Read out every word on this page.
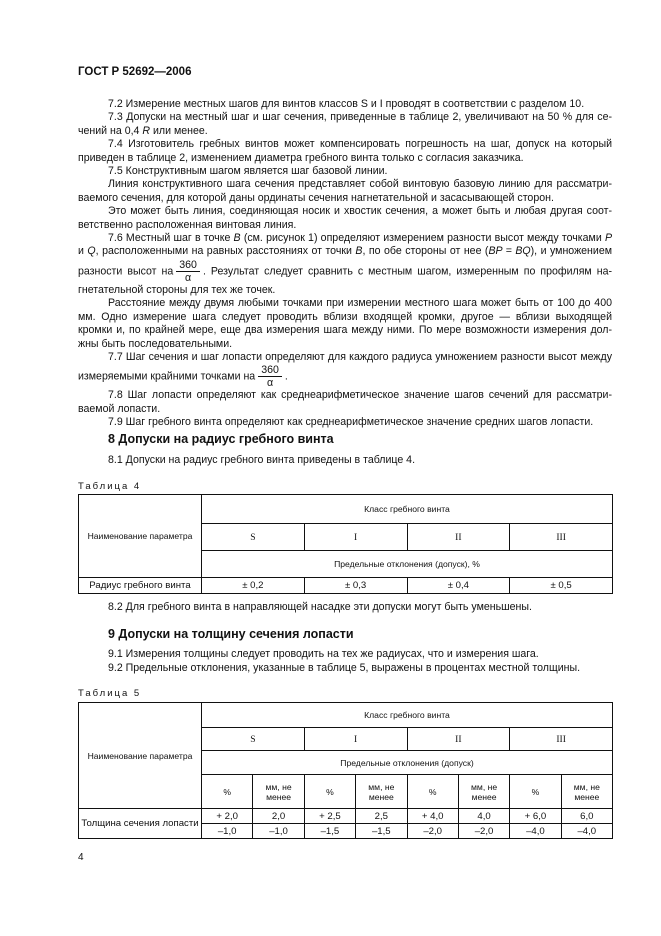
ГОСТ Р 52692—2006

7.2 Измерение местных шагов для винтов классов S и I проводят в соответствии с разделом 10.

7.3 Допуски на местный шаг и шаг сечения, приведенные в таблице 2, увеличивают на 50 % для сечений на 0,4 R или менее.

7.4 Изготовитель гребных винтов может компенсировать погрешность на шаг, допуск на который приведен в таблице 2, изменением диаметра гребного винта только с согласия заказчика.

7.5 Конструктивным шагом является шаг базовой линии.

Линия конструктивного шага сечения представляет собой винтовую базовую линию для рассматриваемого сечения, для которой даны ординаты сечения нагнетательной и засасывающей сторон.

Это может быть линия, соединяющая носик и хвостик сечения, а может быть и любая другая соответственно расположенная винтовая линия.

7.6 Местный шаг в точке B (см. рисунок 1) определяют измерением разности высот между точками P и Q, расположенными на равных расстояниях от точки B, по обе стороны от нее (BP = BQ), и умножением разности высот на $\frac{360}{\alpha}$ . Результат следует сравнить с местным шагом, измеренным по профилям нагнетательной стороны для тех же точек.

Расстояние между двумя любыми точками при измерении местного шага может быть от 100 до 400 мм. Одно измерение шага следует проводить вблизи входящей кромки, другое — вблизи выходящей кромки и, по крайней мере, еще два измерения шага между ними. По мере возможности измерения должны быть последовательными.

7.7 Шаг сечения и шаг лопасти определяют для каждого радиуса умножением разности высот между измеряемыми крайними точками на $\frac{360}{\alpha}$ .

7.8 Шаг лопасти определяют как среднеарифметическое значение шагов сечений для рассматриваемой лопасти.

7.9 Шаг гребного винта определяют как среднеарифметическое значение средних шагов лопасти.

8 Допуски на радиус гребного винта
8.1 Допуски на радиус гребного винта приведены в таблице 4.
Таблица 4
Наименование параметра	Класс гребного винта			
	S	I	II	III
	Предельные отклонения (допуск), %			
Радиус гребного винта	± 0,2	± 0,3	± 0,4	± 0,5
8.2 Для гребного винта в направляющей насадке эти допуски могут быть уменьшены.
9 Допуски на толщину сечения лопасти
9.1 Измерения толщины следует проводить на тех же радиусах, что и измерения шага.
9.2 Предельные отклонения, указанные в таблице 5, выражены в процентах местной толщины.
Таблица 5
Наименование параметра	Класс гребного винта							
	S		I		II		III	
	Предельные отклонения (допуск)							
	%	мм, не менее	%	мм, не менее	%	мм, не менее	%	мм, не менее
Толщина сечения лопасти	+ 2,0	2,0	+ 2,5	2,5	+ 4,0	4,0	+ 6,0	6,0
	–1,0	–1,0	–1,5	–1,5	–2,0	–2,0	–4,0	–4,0
4
